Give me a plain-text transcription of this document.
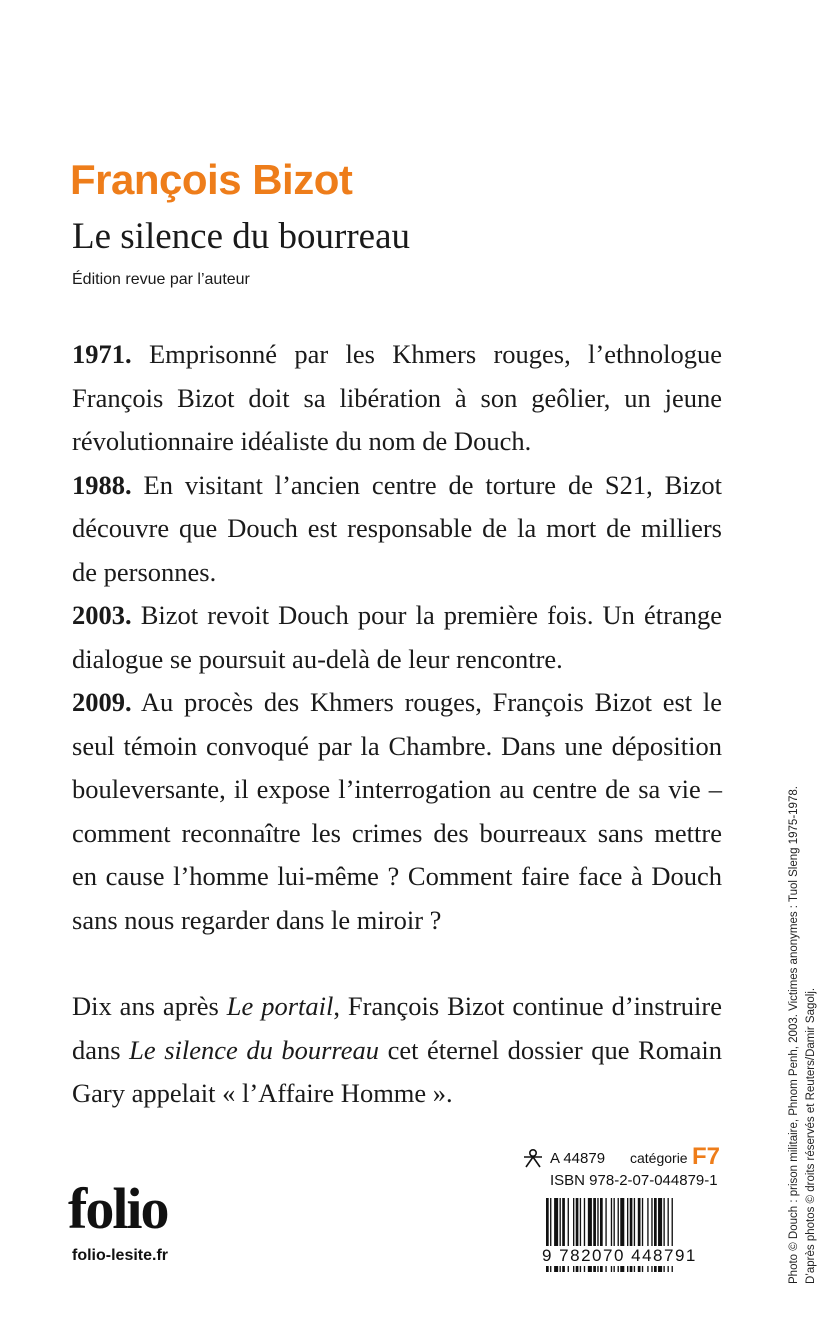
François Bizot
Le silence du bourreau
Édition revue par l’auteur

1971. Emprisonné par les Khmers rouges, l’ethnologue François Bizot doit sa libération à son geôlier, un jeune révolutionnaire idéaliste du nom de Douch.

1988. En visitant l’ancien centre de torture de S21, Bizot découvre que Douch est responsable de la mort de milliers de personnes.

2003. Bizot revoit Douch pour la première fois. Un étrange dialogue se poursuit au-delà de leur rencontre.

2009. Au procès des Khmers rouges, François Bizot est le seul témoin convoqué par la Chambre. Dans une déposition bouleversante, il expose l’interrogation au centre de sa vie – comment reconnaître les crimes des bourreaux sans mettre en cause l’homme lui-même ? Comment faire face à Douch sans nous regarder dans le miroir ?

Dix ans après Le portail, François Bizot continue d’instruire dans Le silence du bourreau cet éternel dossier que Romain Gary appelait « l’Affaire Homme ».

A 44879 catégorie F7
ISBN 978-2-07-044879-1
9 782070 448791
folio
folio-lesite.fr	Photo © Douch : prison militaire, Phnom Penh, 2003. Victimes anonymes : Tuol Sleng 1975-1978. D’après photos © droits réservés et Reuters/Damir Sagolj.
